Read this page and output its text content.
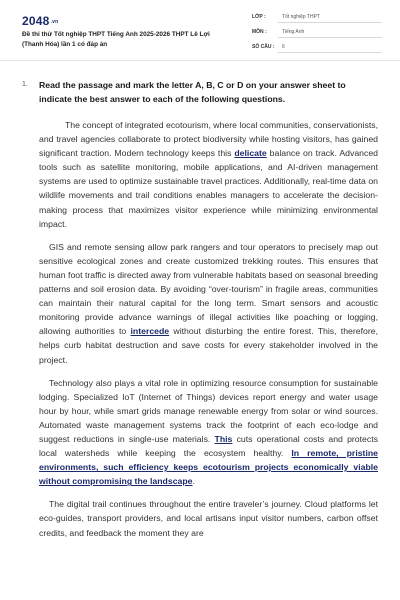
2048.vn
Đề thi thử Tốt nghiệp THPT Tiếng Anh 2025-2026 THPT Lê Lợi (Thanh Hóa) lần 1 có đáp án
LỚP :	Tốt nghiệp THPT
MÔN :	Tiếng Anh
SỐ CÂU : 6
1. Read the passage and mark the letter A, B, C or D on your answer sheet to indicate the best answer to each of the following questions.

The concept of integrated ecotourism, where local communities, conservationists, and travel agencies collaborate to protect biodiversity while hosting visitors, has gained significant traction. Modern technology keeps this delicate balance on track. Advanced tools such as satellite monitoring, mobile applications, and AI-driven management systems are used to optimize sustainable travel practices. Additionally, real-time data on wildlife movements and trail conditions enables managers to accelerate the decision-making process that maximizes visitor experience while minimizing environmental impact.

GIS and remote sensing allow park rangers and tour operators to precisely map out sensitive ecological zones and create customized trekking routes. This ensures that human foot traffic is directed away from vulnerable habitats based on seasonal breeding patterns and soil erosion data. By avoiding “over-tourism” in fragile areas, communities can maintain their natural capital for the long term. Smart sensors and acoustic monitoring provide advance warnings of illegal activities like poaching or logging, allowing authorities to intercede without disturbing the entire forest. This, therefore, helps curb habitat destruction and save costs for every stakeholder involved in the project.

Technology also plays a vital role in optimizing resource consumption for sustainable lodging. Specialized IoT (Internet of Things) devices report energy and water usage hour by hour, while smart grids manage renewable energy from solar or wind sources. Automated waste management systems track the footprint of each eco-lodge and suggest reductions in single-use materials. This cuts operational costs and protects local watersheds while keeping the ecosystem healthy. In remote, pristine environments, such efficiency keeps ecotourism projects economically viable without compromising the landscape.

The digital trail continues throughout the entire traveler’s journey. Cloud platforms let eco-guides, transport providers, and local artisans input visitor numbers, carbon offset credits, and feedback the moment they are
